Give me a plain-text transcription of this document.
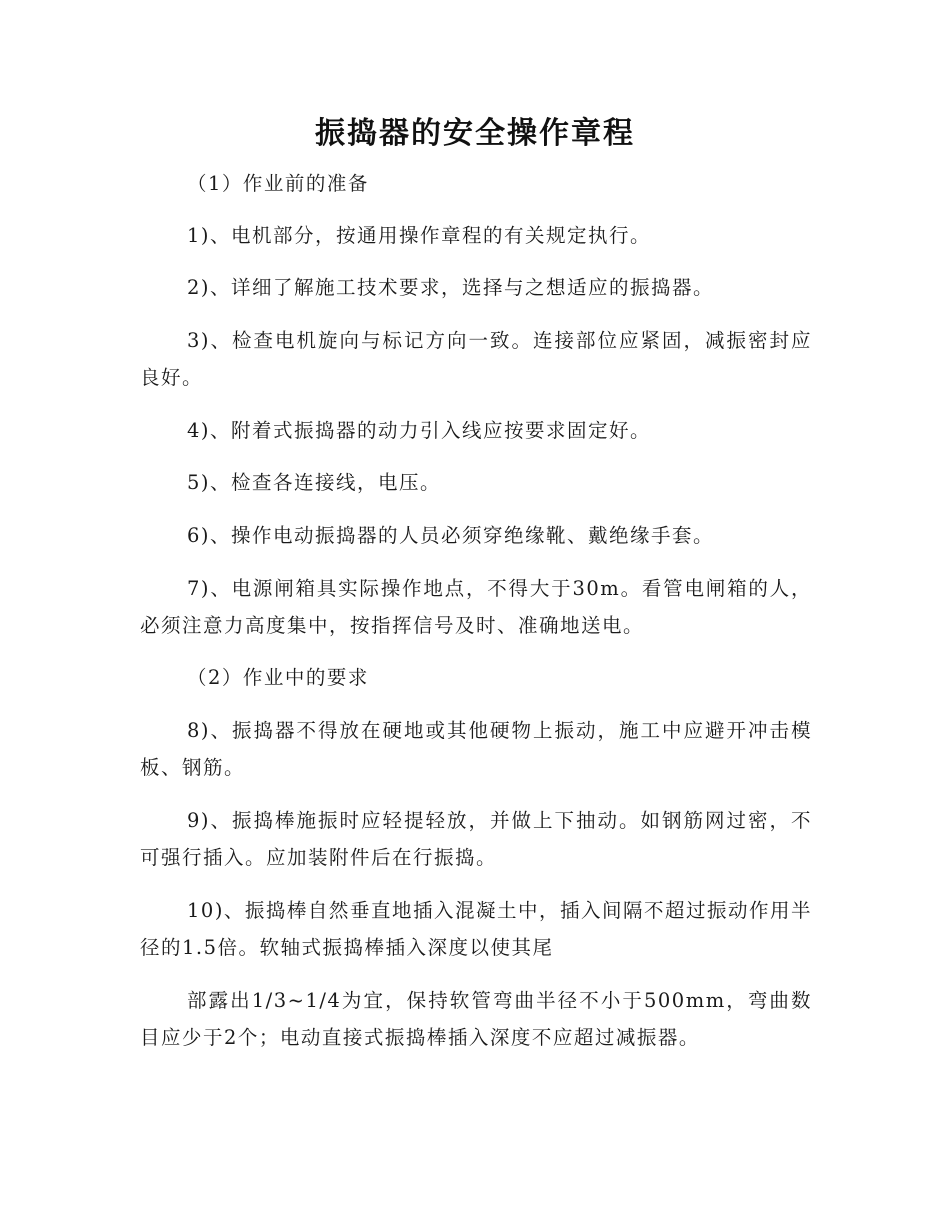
振捣器的安全操作章程

（1）作业前的准备

1)、电机部分，按通用操作章程的有关规定执行。

2)、详细了解施工技术要求，选择与之想适应的振捣器。

3)、检查电机旋向与标记方向一致。连接部位应紧固，减振密封应良好。

4)、附着式振捣器的动力引入线应按要求固定好。

5)、检查各连接线，电压。

6)、操作电动振捣器的人员必须穿绝缘靴、戴绝缘手套。

7)、电源闸箱具实际操作地点，不得大于30m。看管电闸箱的人，必须注意力高度集中，按指挥信号及时、准确地送电。

（2）作业中的要求

8)、振捣器不得放在硬地或其他硬物上振动，施工中应避开冲击模板、钢筋。

9)、振捣棒施振时应轻提轻放，并做上下抽动。如钢筋网过密，不可强行插入。应加装附件后在行振捣。

10)、振捣棒自然垂直地插入混凝土中，插入间隔不超过振动作用半径的1.5倍。软轴式振捣棒插入深度以使其尾

部露出1/3~1/4为宜，保持软管弯曲半径不小于500mm，弯曲数目应少于2个；电动直接式振捣棒插入深度不应超过减振器。
